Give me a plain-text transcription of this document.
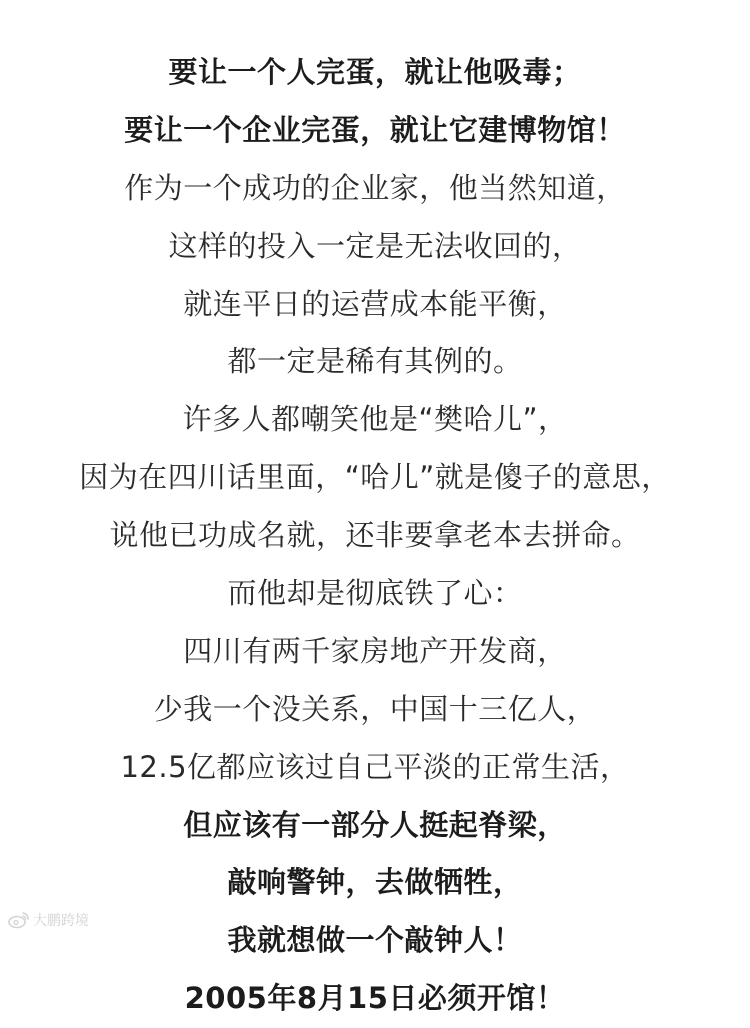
要让一个人完蛋，就让他吸毒；
要让一个企业完蛋，就让它建博物馆！
作为一个成功的企业家，他当然知道，
这样的投入一定是无法收回的，
就连平日的运营成本能平衡，
都一定是稀有其例的。
许多人都嘲笑他是“樊哈儿”，
因为在四川话里面，“哈儿”就是傻子的意思，
说他已功成名就，还非要拿老本去拼命。
而他却是彻底铁了心：
四川有两千家房地产开发商，
少我一个没关系，中国十三亿人，
12.5亿都应该过自己平淡的正常生活，
但应该有一部分人挺起脊梁，
敲响警钟，去做牺牲，
我就想做一个敲钟人！
2005年8月15日必须开馆！
大鹏跨境
